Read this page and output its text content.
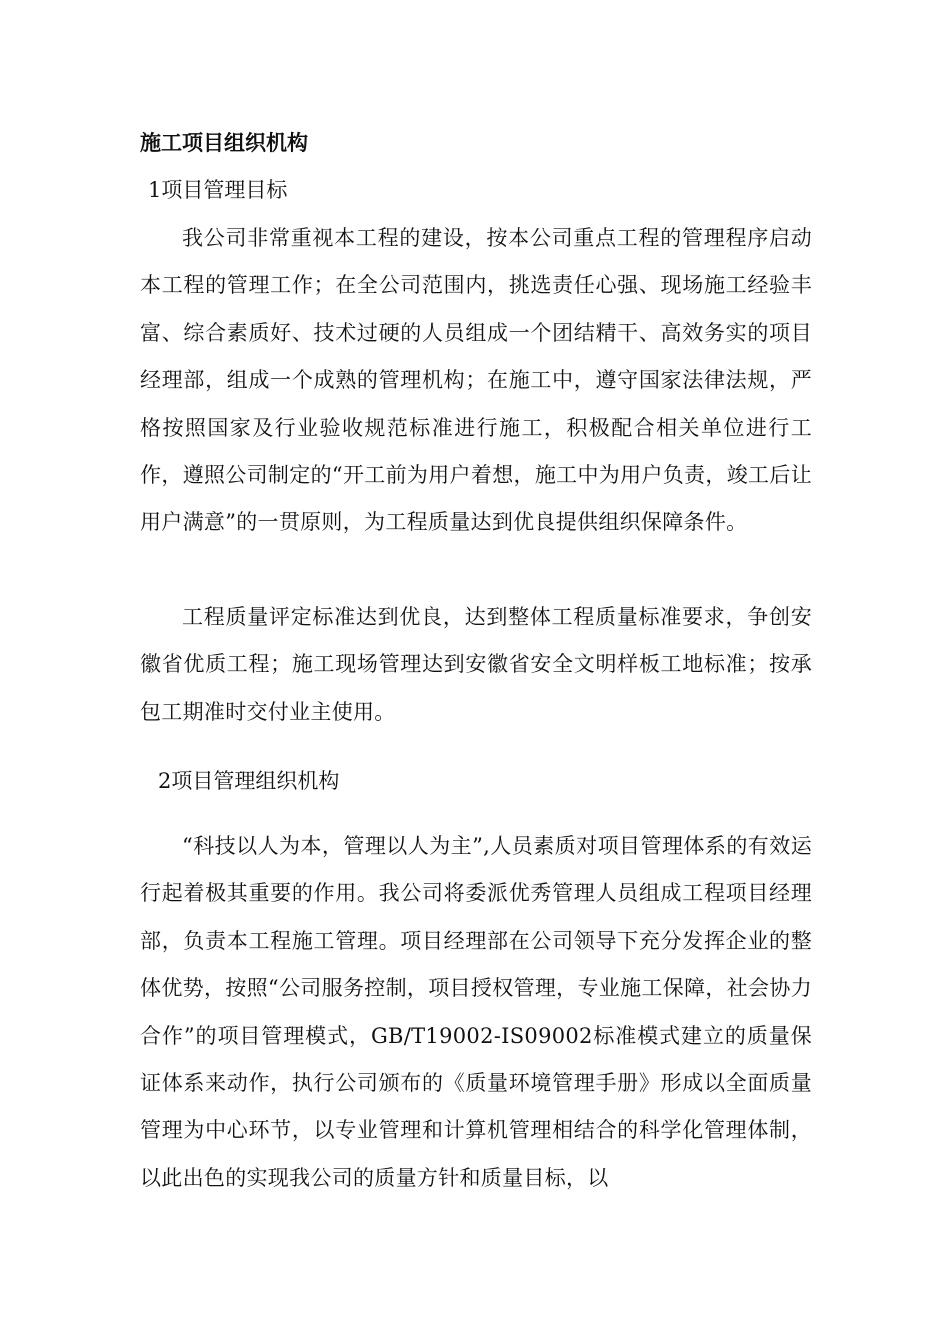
施工项目组织机构
1项目管理目标

我公司非常重视本工程的建设，按本公司重点工程的管理程序启动本工程的管理工作；在全公司范围内，挑选责任心强、现场施工经验丰富、综合素质好、技术过硬的人员组成一个团结精干、高效务实的项目经理部，组成一个成熟的管理机构；在施工中，遵守国家法律法规，严格按照国家及行业验收规范标准进行施工，积极配合相关单位进行工作，遵照公司制定的“开工前为用户着想，施工中为用户负责，竣工后让用户满意”的一贯原则，为工程质量达到优良提供组织保障条件。

工程质量评定标准达到优良，达到整体工程质量标准要求，争创安徽省优质工程；施工现场管理达到安徽省安全文明样板工地标准；按承包工期准时交付业主使用。

2项目管理组织机构

“科技以人为本，管理以人为主”,人员素质对项目管理体系的有效运行起着极其重要的作用。我公司将委派优秀管理人员组成工程项目经理部，负责本工程施工管理。项目经理部在公司领导下充分发挥企业的整体优势，按照“公司服务控制，项目授权管理，专业施工保障，社会协力合作”的项目管理模式，GB/T19002-IS09002标准模式建立的质量保证体系来动作，执行公司颁布的《质量环境管理手册》形成以全面质量管理为中心环节，以专业管理和计算机管理相结合的科学化管理体制，以此出色的实现我公司的质量方针和质量目标，以
